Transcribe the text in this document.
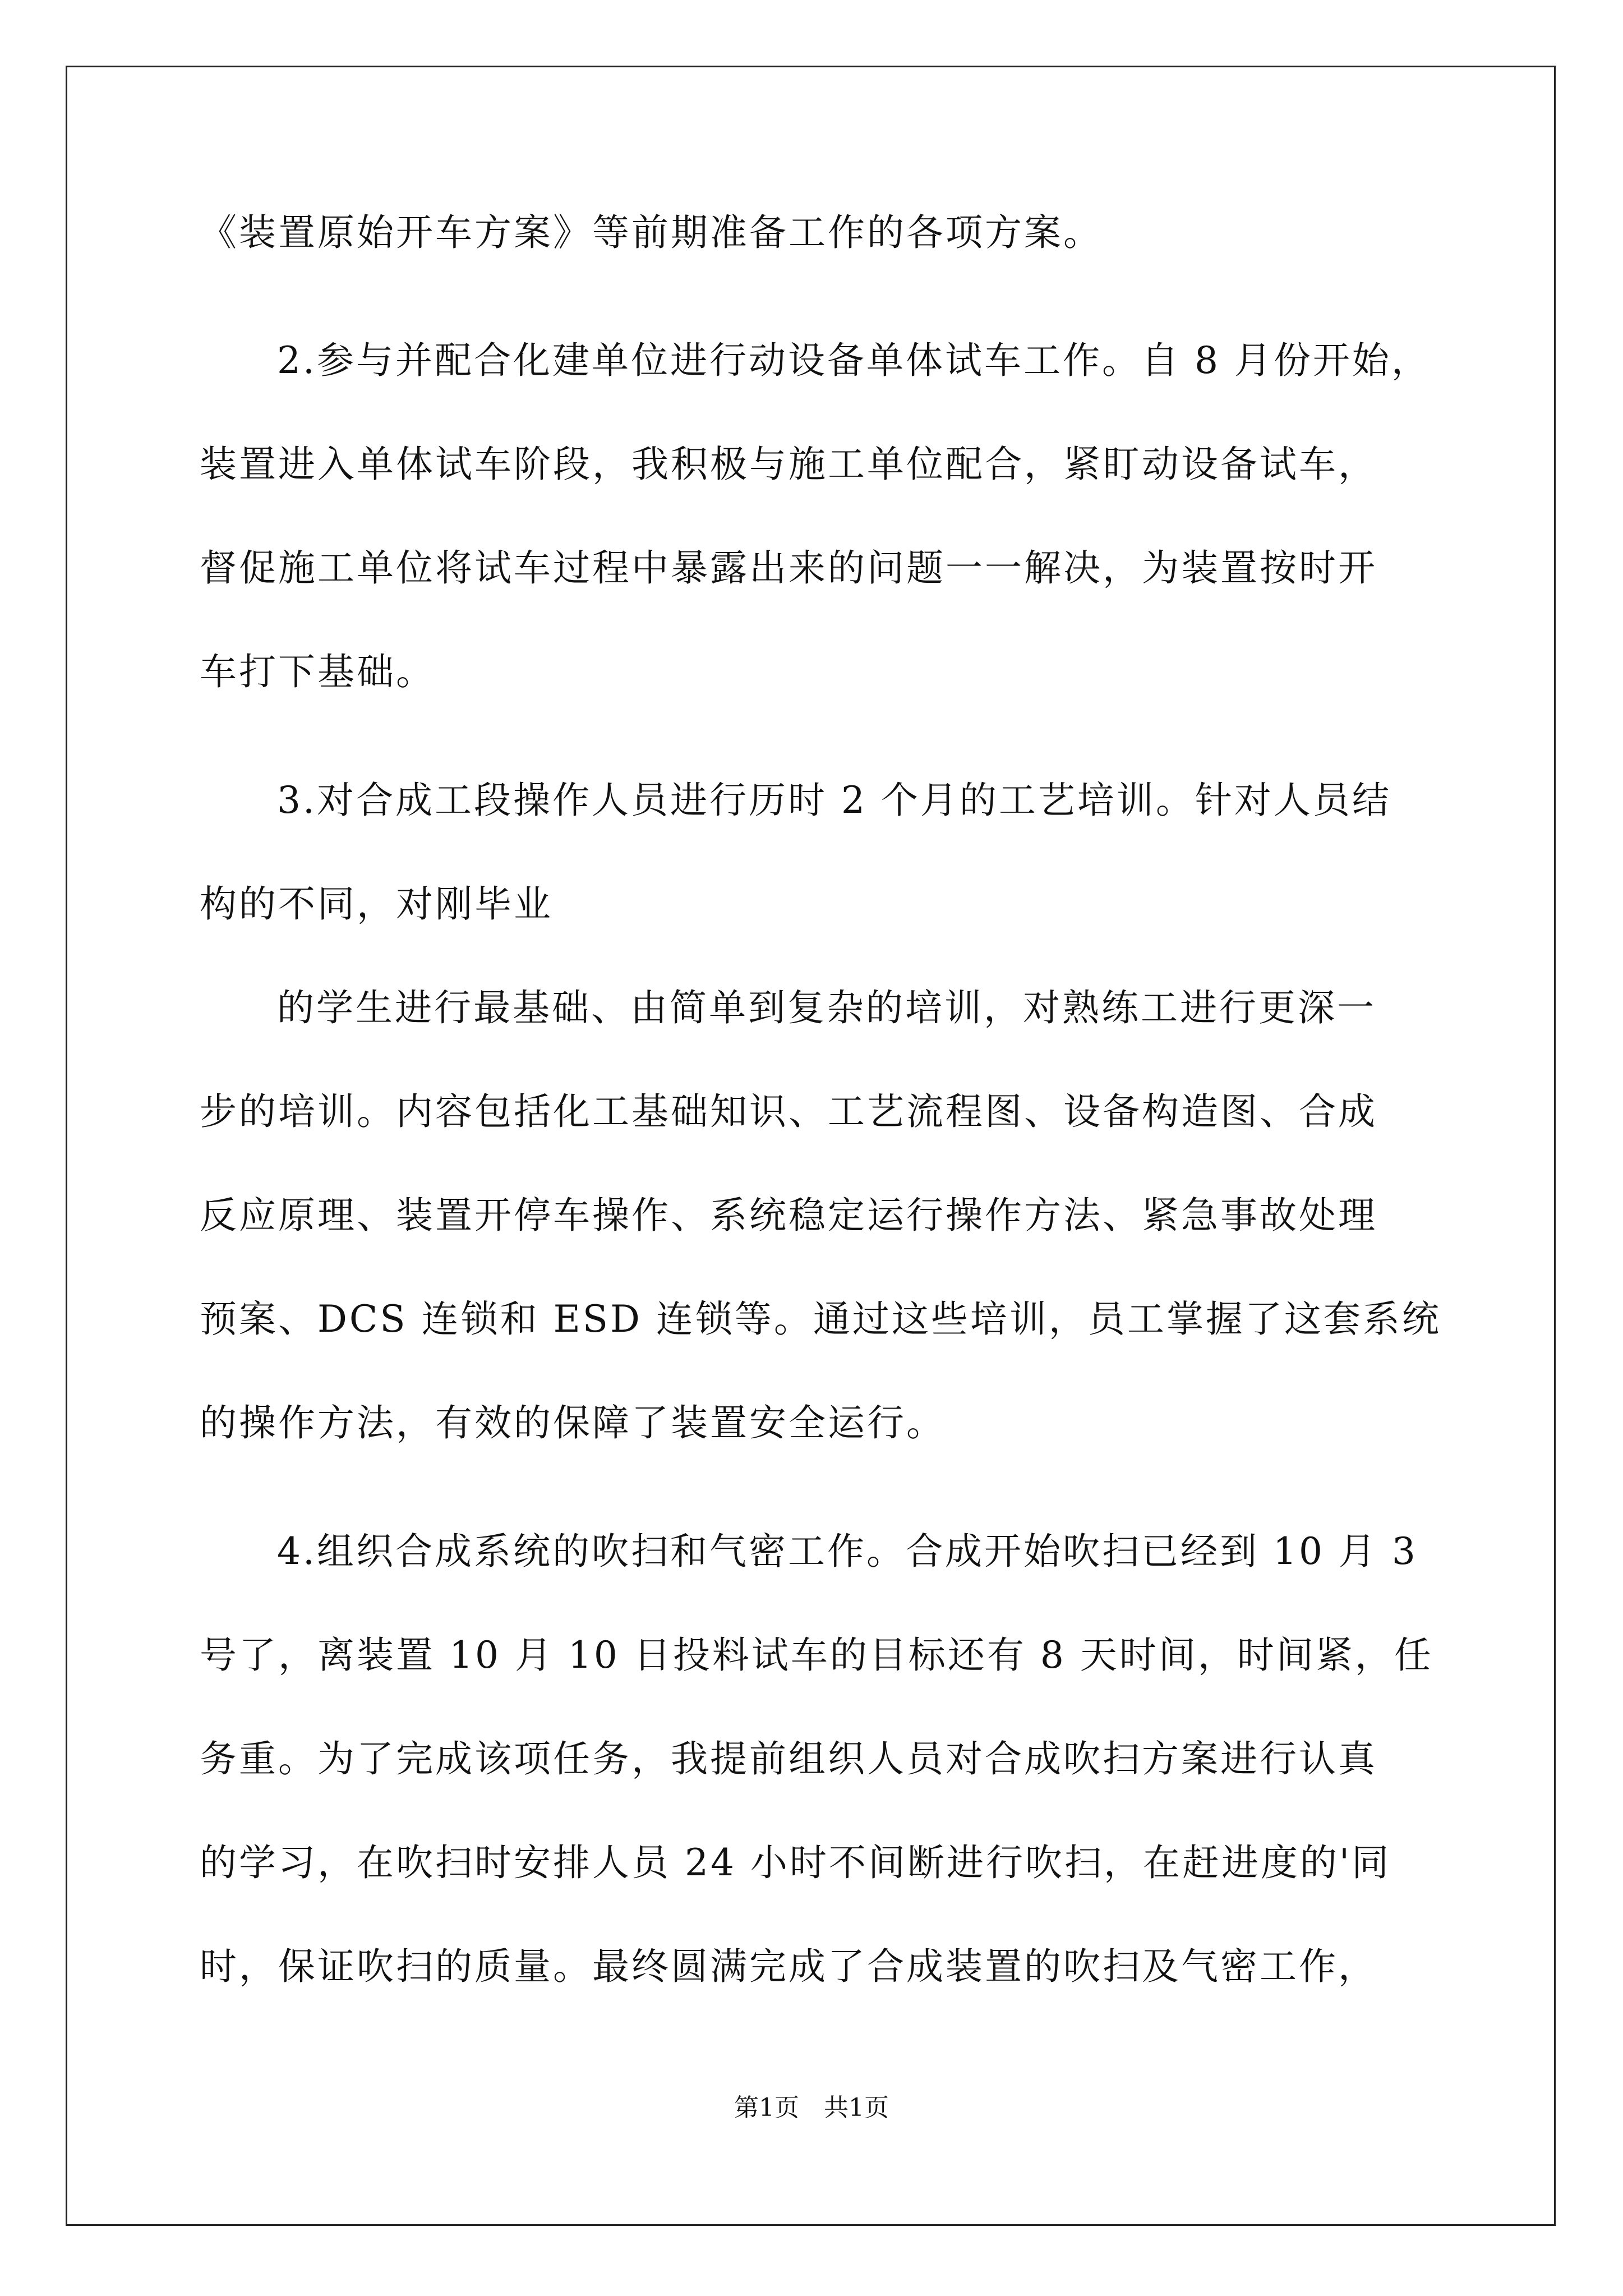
《装置原始开车方案》等前期准备工作的各项方案。
2.参与并配合化建单位进行动设备单体试车工作。自 8 月份开始，
装置进入单体试车阶段，我积极与施工单位配合，紧盯动设备试车，
督促施工单位将试车过程中暴露出来的问题一一解决，为装置按时开
车打下基础。
3.对合成工段操作人员进行历时 2 个月的工艺培训。针对人员结
构的不同，对刚毕业
的学生进行最基础、由简单到复杂的培训，对熟练工进行更深一
步的培训。内容包括化工基础知识、工艺流程图、设备构造图、合成
反应原理、装置开停车操作、系统稳定运行操作方法、紧急事故处理
预案、DCS 连锁和 ESD 连锁等。通过这些培训，员工掌握了这套系统
的操作方法，有效的保障了装置安全运行。
4.组织合成系统的吹扫和气密工作。合成开始吹扫已经到 10 月 3
号了，离装置 10 月 10 日投料试车的目标还有 8 天时间，时间紧，任
务重。为了完成该项任务，我提前组织人员对合成吹扫方案进行认真
的学习，在吹扫时安排人员 24 小时不间断进行吹扫，在赶进度的'同
时，保证吹扫的质量。最终圆满完成了合成装置的吹扫及气密工作，
第1页　共1页
